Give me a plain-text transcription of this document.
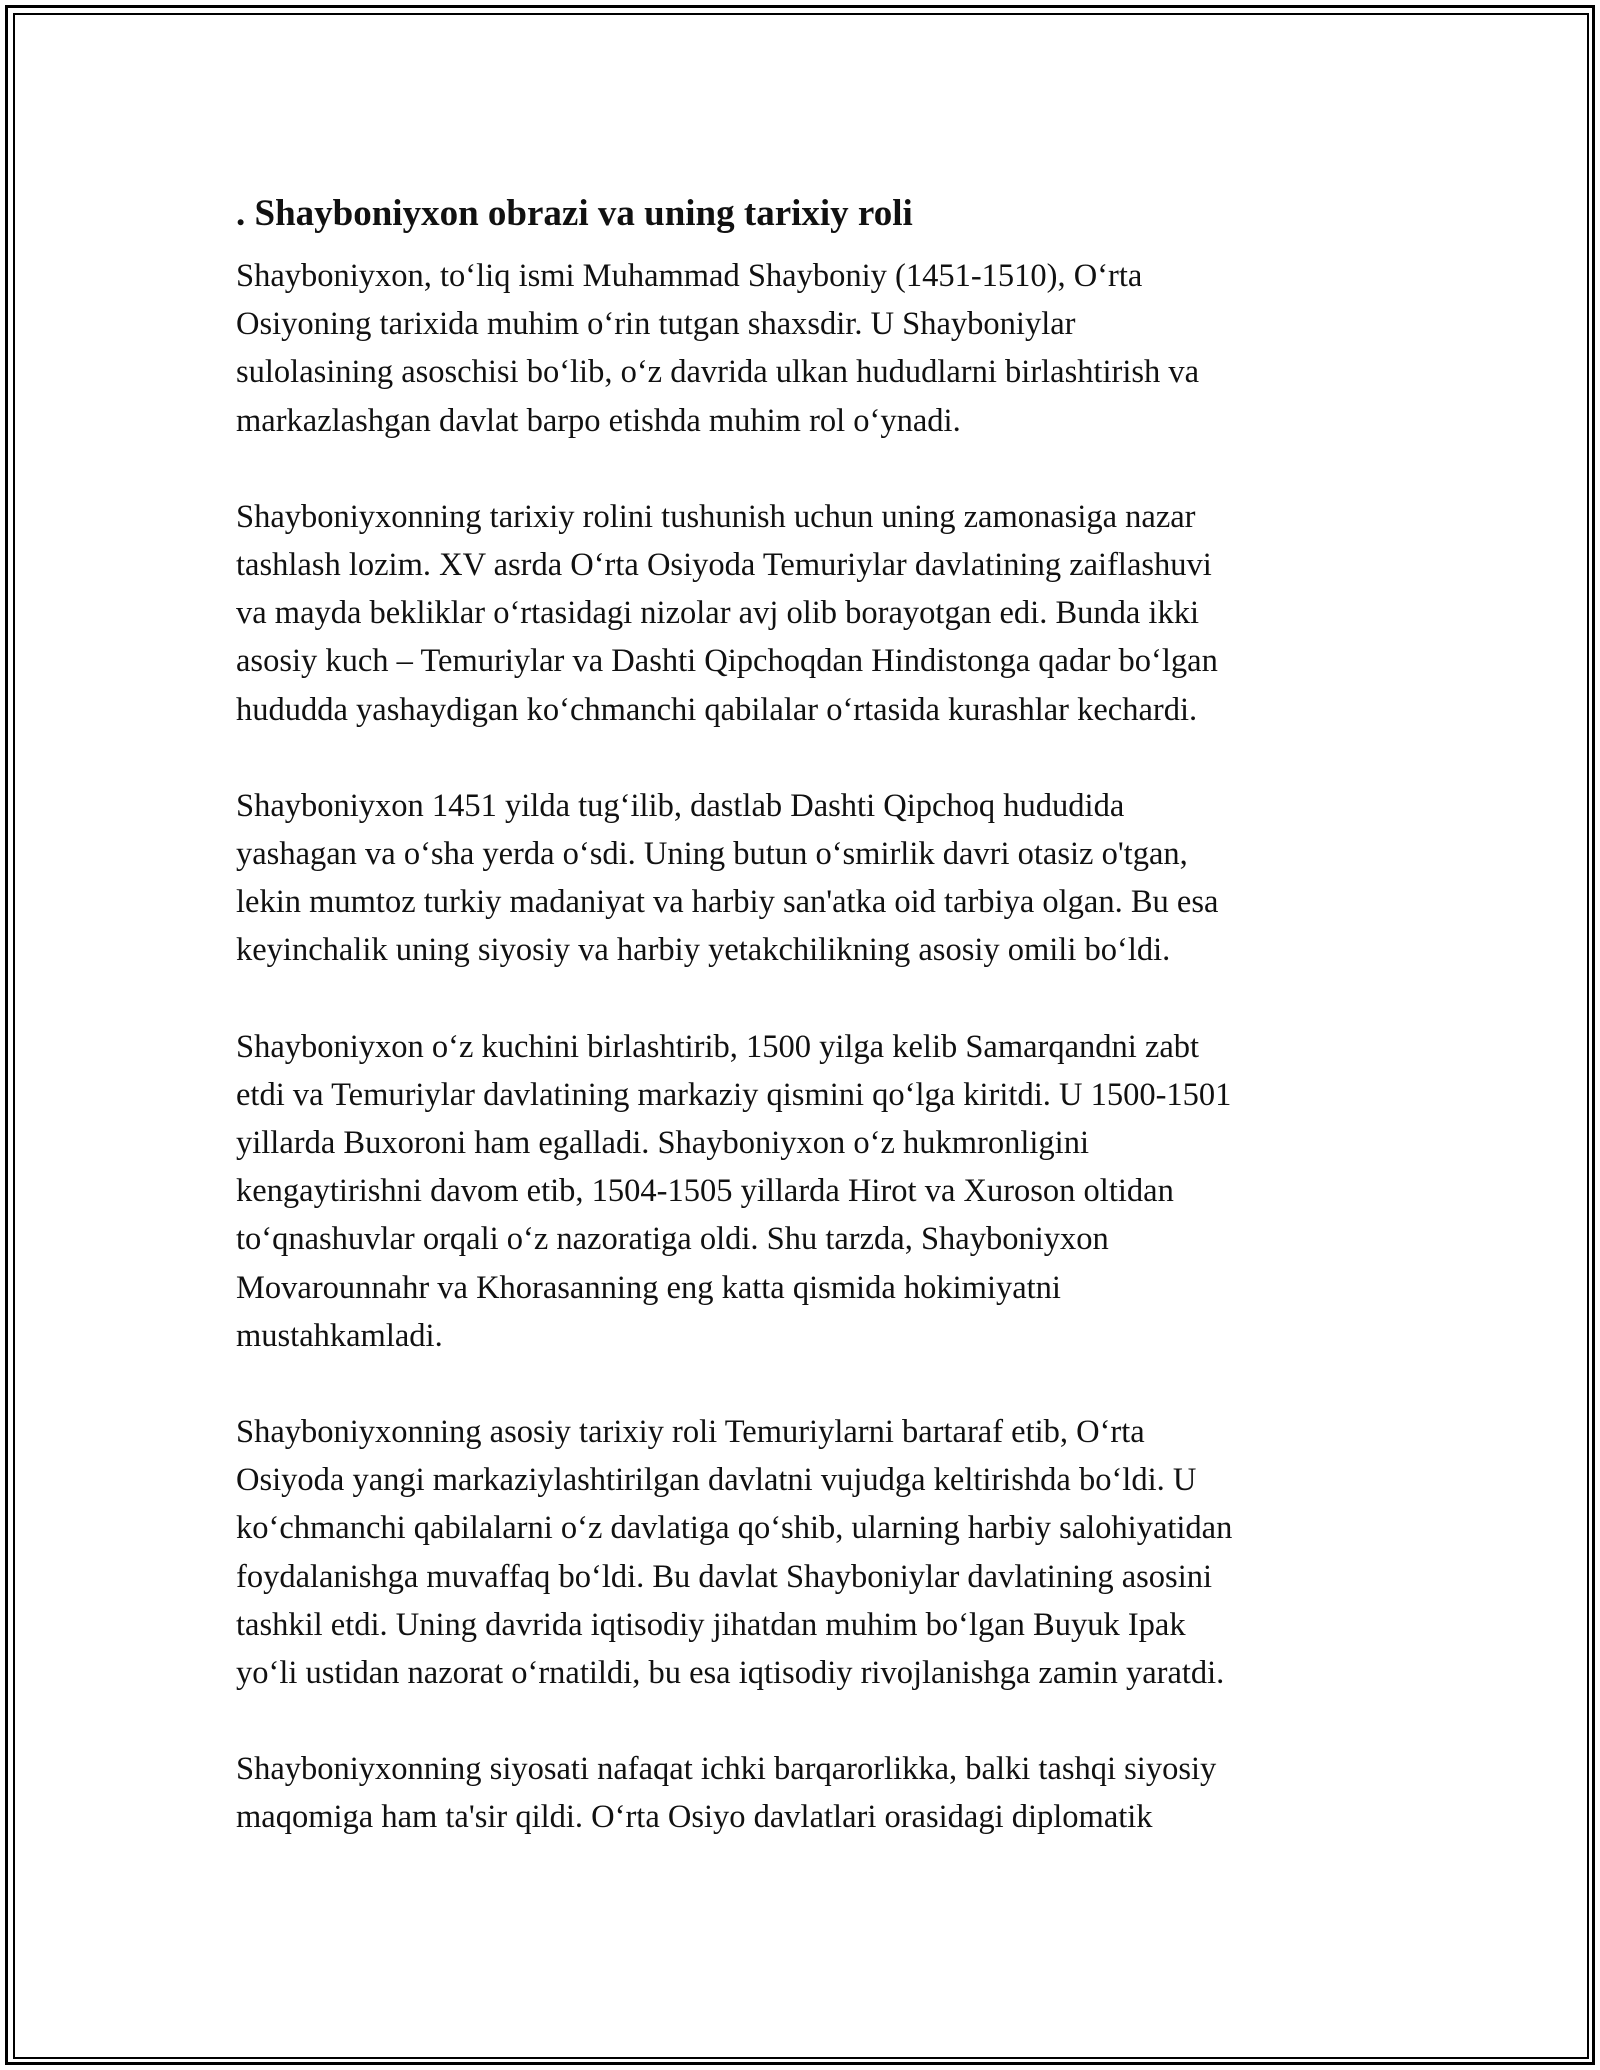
. Shayboniyxon obrazi va uning tarixiy roli
Shayboniyxon, to‘liq ismi Muhammad Shayboniy (1451-1510), O‘rta
Osiyoning tarixida muhim o‘rin tutgan shaxsdir. U Shayboniylar
sulolasining asoschisi bo‘lib, o‘z davrida ulkan hududlarni birlashtirish va
markazlashgan davlat barpo etishda muhim rol o‘ynadi.
Shayboniyxonning tarixiy rolini tushunish uchun uning zamonasiga nazar
tashlash lozim. XV asrda O‘rta Osiyoda Temuriylar davlatining zaiflashuvi
va mayda bekliklar o‘rtasidagi nizolar avj olib borayotgan edi. Bunda ikki
asosiy kuch – Temuriylar va Dashti Qipchoqdan Hindistonga qadar bo‘lgan
hududda yashaydigan ko‘chmanchi qabilalar o‘rtasida kurashlar kechardi.
Shayboniyxon 1451 yilda tug‘ilib, dastlab Dashti Qipchoq hududida
yashagan va o‘sha yerda o‘sdi. Uning butun o‘smirlik davri otasiz o'tgan,
lekin mumtoz turkiy madaniyat va harbiy san'atka oid tarbiya olgan. Bu esa
keyinchalik uning siyosiy va harbiy yetakchilikning asosiy omili bo‘ldi.
Shayboniyxon o‘z kuchini birlashtirib, 1500 yilga kelib Samarqandni zabt
etdi va Temuriylar davlatining markaziy qismini qo‘lga kiritdi. U 1500-1501
yillarda Buxoroni ham egalladi. Shayboniyxon o‘z hukmronligini
kengaytirishni davom etib, 1504-1505 yillarda Hirot va Xuroson oltidan
to‘qnashuvlar orqali o‘z nazoratiga oldi. Shu tarzda, Shayboniyxon
Movarounnahr va Khorasanning eng katta qismida hokimiyatni
mustahkamladi.
Shayboniyxonning asosiy tarixiy roli Temuriylarni bartaraf etib, O‘rta
Osiyoda yangi markaziylashtirilgan davlatni vujudga keltirishda bo‘ldi. U
ko‘chmanchi qabilalarni o‘z davlatiga qo‘shib, ularning harbiy salohiyatidan
foydalanishga muvaffaq bo‘ldi. Bu davlat Shayboniylar davlatining asosini
tashkil etdi. Uning davrida iqtisodiy jihatdan muhim bo‘lgan Buyuk Ipak
yo‘li ustidan nazorat o‘rnatildi, bu esa iqtisodiy rivojlanishga zamin yaratdi.
Shayboniyxonning siyosati nafaqat ichki barqarorlikka, balki tashqi siyosiy
maqomiga ham ta'sir qildi. O‘rta Osiyo davlatlari orasidagi diplomatik
